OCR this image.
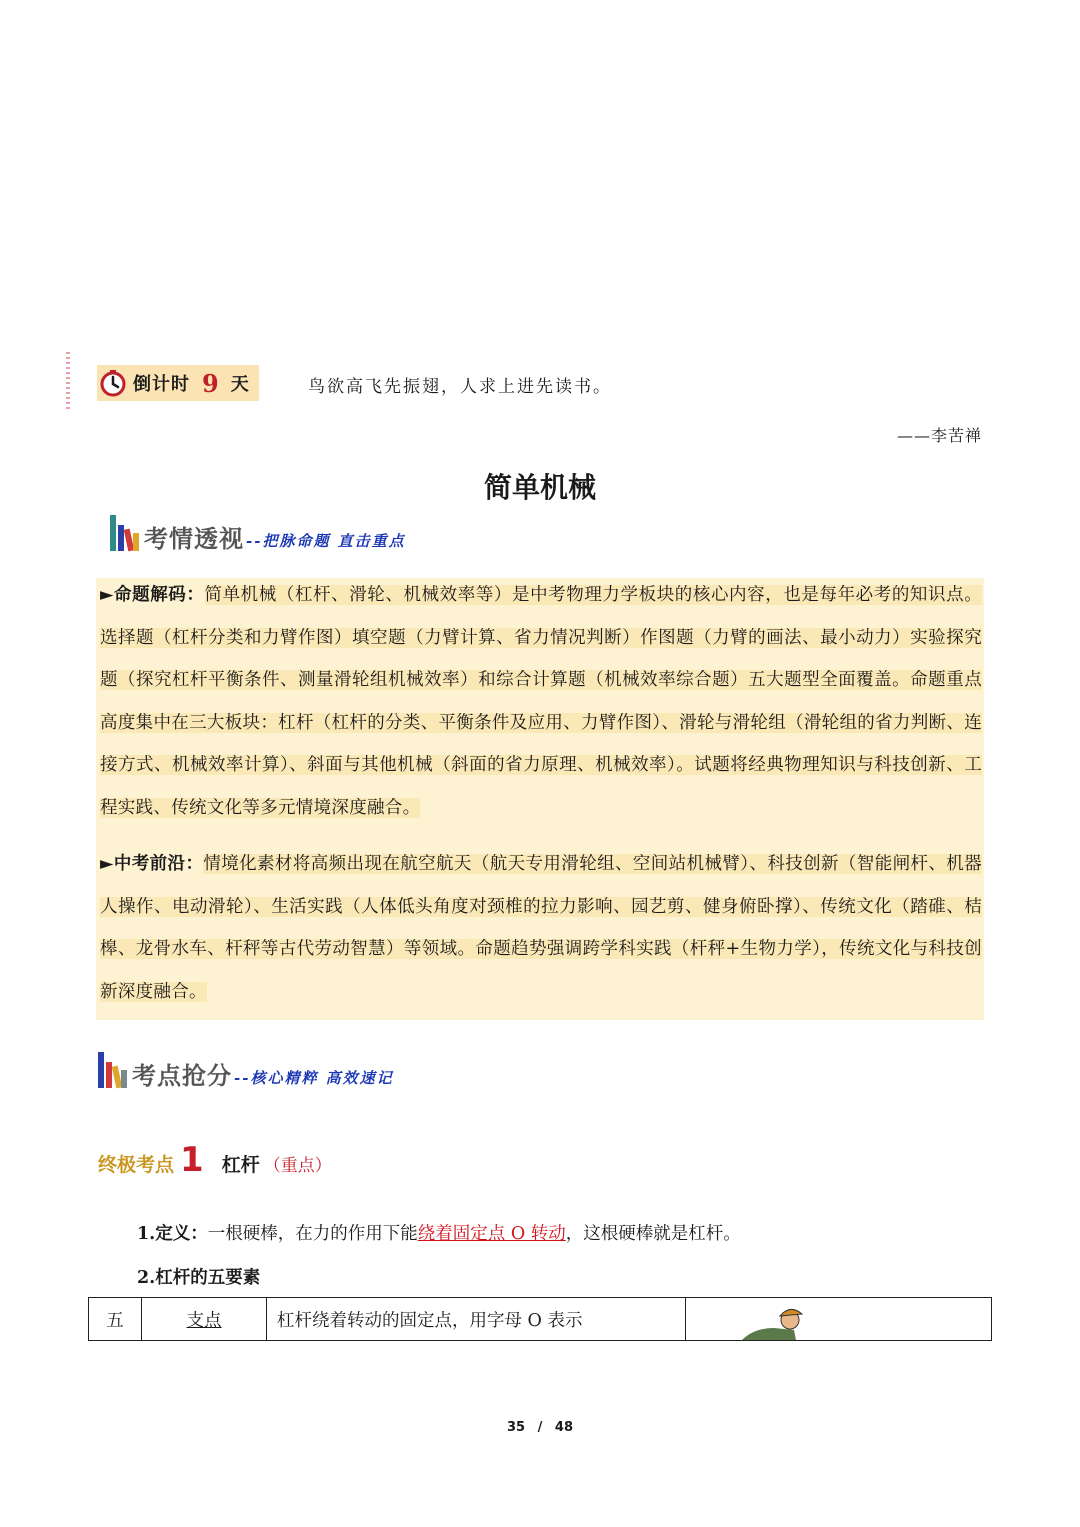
倒计时 9 天	鸟欲高飞先振翅，人求上进先读书。
——李苦禅
简单机械
考情透视 --把脉命题 直击重点
►命题解码：简单机械（杠杆、滑轮、机械效率等）是中考物理力学板块的核心内容，也是每年必考的知识点。选择题（杠杆分类和力臂作图）填空题（力臂计算、省力情况判断）作图题（力臂的画法、最小动力）实验探究题（探究杠杆平衡条件、测量滑轮组机械效率）和综合计算题（机械效率综合题）五大题型全面覆盖。命题重点高度集中在三大板块：杠杆（杠杆的分类、平衡条件及应用、力臂作图）、滑轮与滑轮组（滑轮组的省力判断、连接方式、机械效率计算）、斜面与其他机械（斜面的省力原理、机械效率）。试题将经典物理知识与科技创新、工程实践、传统文化等多元情境深度融合。
►中考前沿：情境化素材将高频出现在航空航天（航天专用滑轮组、空间站机械臂）、科技创新（智能闸杆、机器人操作、电动滑轮）、生活实践（人体低头角度对颈椎的拉力影响、园艺剪、健身俯卧撑）、传统文化（踏碓、桔槔、龙骨水车、杆秤等古代劳动智慧）等领域。命题趋势强调跨学科实践（杆秤+生物力学），传统文化与科技创新深度融合。
考点抢分 --核心精粹 高效速记
终极考点 1 杠杆 （重点）
1.定义：一根硬棒，在力的作用下能绕着固定点 O 转动，这根硬棒就是杠杆。
2.杠杆的五要素
五	支点	杠杆绕着转动的固定点，用字母 O 表示	
35 / 48
